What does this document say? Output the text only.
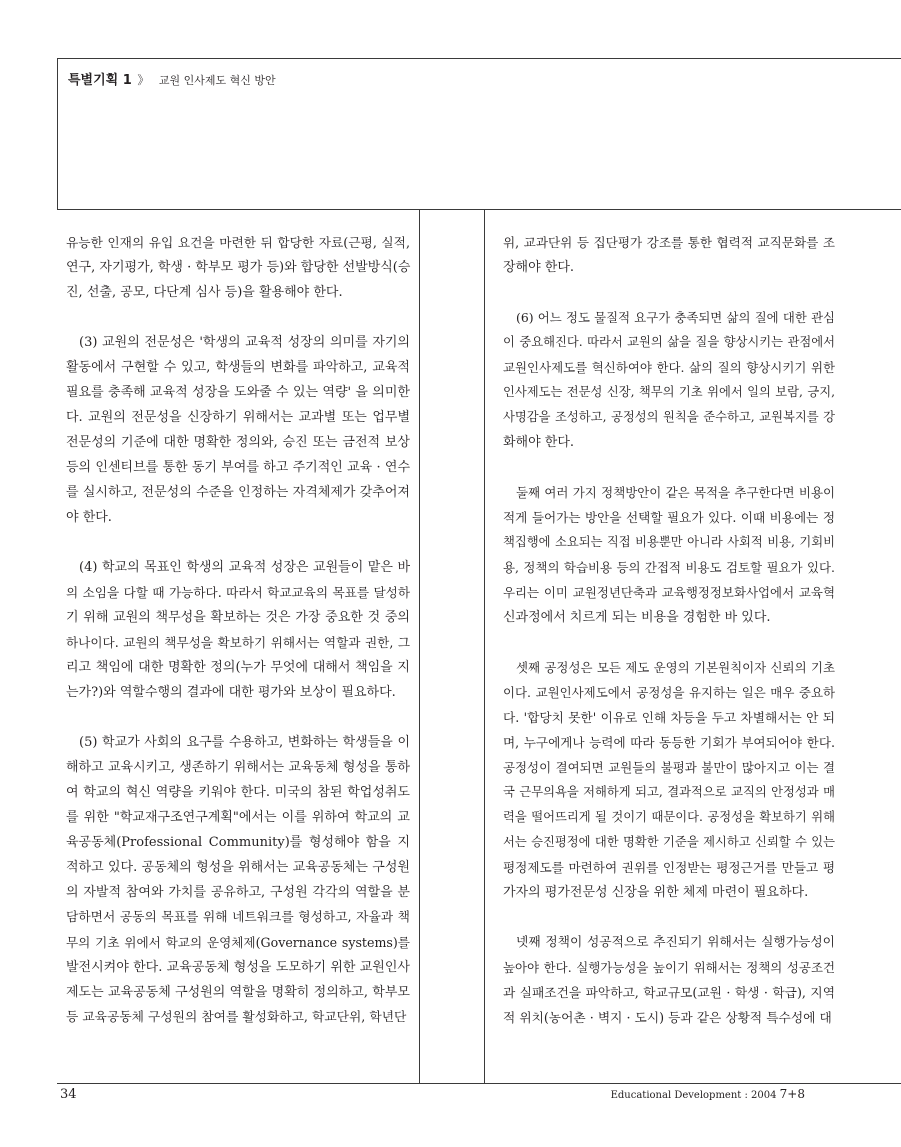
특별기획 1 》 교원 인사제도 혁신 방안

유능한 인재의 유입 요건을 마련한 뒤 합당한 자료(근평, 실적,
연구, 자기평가, 학생 · 학부모 평가 등)와 합당한 선발방식(승
진, 선출, 공모, 다단계 심사 등)을 활용해야 한다.

(3) 교원의 전문성은 '학생의 교육적 성장의 의미를 자기의
활동에서 구현할 수 있고, 학생들의 변화를 파악하고, 교육적
필요를 충족해 교육적 성장을 도와줄 수 있는 역량' 을 의미한
다. 교원의 전문성을 신장하기 위해서는 교과별 또는 업무별
전문성의 기준에 대한 명확한 정의와, 승진 또는 금전적 보상
등의 인센티브를 통한 동기 부여를 하고 주기적인 교육 · 연수
를 실시하고, 전문성의 수준을 인정하는 자격체제가 갖추어져
야 한다.

(4) 학교의 목표인 학생의 교육적 성장은 교원들이 맡은 바
의 소임을 다할 때 가능하다. 따라서 학교교육의 목표를 달성하
기 위해 교원의 책무성을 확보하는 것은 가장 중요한 것 중의
하나이다. 교원의 책무성을 확보하기 위해서는 역할과 권한, 그
리고 책임에 대한 명확한 정의(누가 무엇에 대해서 책임을 지
는가?)와 역할수행의 결과에 대한 평가와 보상이 필요하다.

(5) 학교가 사회의 요구를 수용하고, 변화하는 학생들을 이
해하고 교육시키고, 생존하기 위해서는 교육동체 형성을 통하
여 학교의 혁신 역량을 키워야 한다. 미국의 참된 학업성취도
를 위한 "학교재구조연구계획"에서는 이를 위하여 학교의 교
육공동체(Professional Community)를 형성해야 함을 지
적하고 있다. 공동체의 형성을 위해서는 교육공동체는 구성원
의 자발적 참여와 가치를 공유하고, 구성원 각각의 역할을 분
담하면서 공동의 목표를 위해 네트워크를 형성하고, 자율과 책
무의 기초 위에서 학교의 운영체제(Governance systems)를
발전시켜야 한다. 교육공동체 형성을 도모하기 위한 교원인사
제도는 교육공동체 구성원의 역할을 명확히 정의하고, 학부모
등 교육공동체 구성원의 참여를 활성화하고, 학교단위, 학년단

위, 교과단위 등 집단평가 강조를 통한 협력적 교직문화를 조
장해야 한다.

(6) 어느 정도 물질적 요구가 충족되면 삶의 질에 대한 관심
이 중요해진다. 따라서 교원의 삶을 질을 향상시키는 관점에서
교원인사제도를 혁신하여야 한다. 삶의 질의 향상시키기 위한
인사제도는 전문성 신장, 책무의 기초 위에서 일의 보람, 긍지,
사명감을 조성하고, 공정성의 원칙을 준수하고, 교원복지를 강
화해야 한다.

둘째 여러 가지 정책방안이 같은 목적을 추구한다면 비용이
적게 들어가는 방안을 선택할 필요가 있다. 이때 비용에는 정
책집행에 소요되는 직접 비용뿐만 아니라 사회적 비용, 기회비
용, 정책의 학습비용 등의 간접적 비용도 검토할 필요가 있다.
우리는 이미 교원정년단축과 교육행정정보화사업에서 교육혁
신과정에서 치르게 되는 비용을 경험한 바 있다.

셋째 공정성은 모든 제도 운영의 기본원칙이자 신뢰의 기초
이다. 교원인사제도에서 공정성을 유지하는 일은 매우 중요하
다. '합당치 못한' 이유로 인해 차등을 두고 차별해서는 안 되
며, 누구에게나 능력에 따라 동등한 기회가 부여되어야 한다.
공정성이 결여되면 교원들의 불평과 불만이 많아지고 이는 결
국 근무의욕을 저해하게 되고, 결과적으로 교직의 안정성과 매
력을 떨어뜨리게 될 것이기 때문이다. 공정성을 확보하기 위해
서는 승진평정에 대한 명확한 기준을 제시하고 신뢰할 수 있는
평정제도를 마련하여 권위를 인정받는 평정근거를 만들고 평
가자의 평가전문성 신장을 위한 체제 마련이 필요하다.

넷째 정책이 성공적으로 추진되기 위해서는 실행가능성이
높아야 한다. 실행가능성을 높이기 위해서는 정책의 성공조건
과 실패조건을 파악하고, 학교규모(교원 · 학생 · 학급), 지역
적 위치(농어촌 · 벽지 · 도시) 등과 같은 상황적 특수성에 대

34	Educational Development : 2004 7+8
